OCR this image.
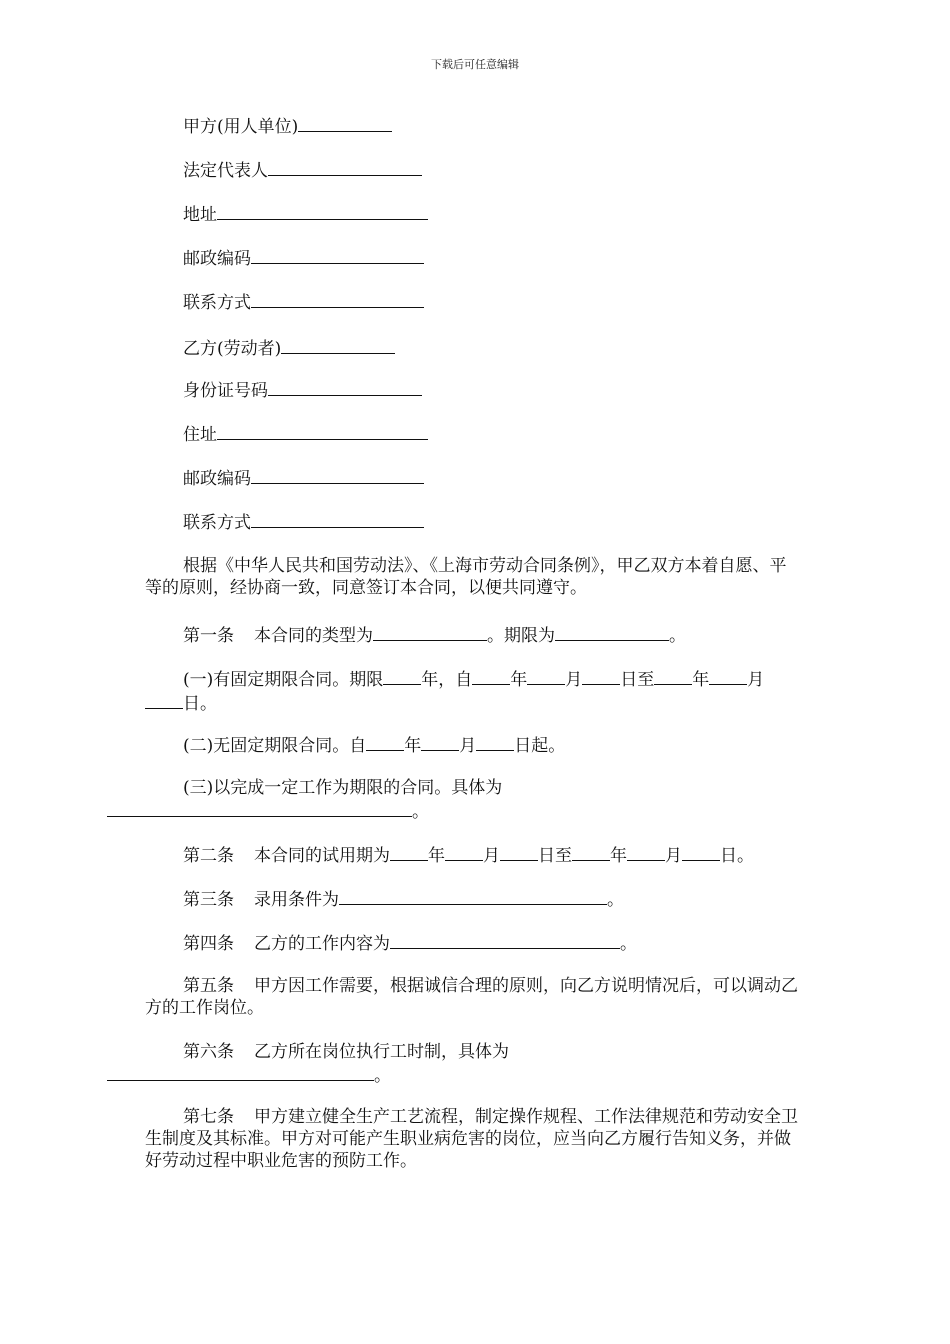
下载后可任意编辑
甲方(用人单位)
法定代表人
地址
邮政编码
联系方式
乙方(劳动者)
身份证号码
住址
邮政编码
联系方式
根据《中华人民共和国劳动法》、《上海市劳动合同条例》，甲乙双方本着自愿、平等的原则，经协商一致，同意签订本合同，以便共同遵守。
第一条 本合同的类型为	。期限为	。
(一)有固定期限合同。期限 年，自 年 月 日至 年 月日。
(二)无固定期限合同。自 年 月 日起。
(三)以完成一定工作为期限的合同。具体为
。
第二条 本合同的试用期为 年 月 日至 年 月 日。
第三条 录用条件为	。
第四条 乙方的工作内容为	。
第五条 甲方因工作需要，根据诚信合理的原则，向乙方说明情况后，可以调动乙方的工作岗位。
第六条 乙方所在岗位执行工时制，具体为
。
第七条 甲方建立健全生产工艺流程，制定操作规程、工作法律规范和劳动安全卫生制度及其标准。甲方对可能产生职业病危害的岗位，应当向乙方履行告知义务，并做好劳动过程中职业危害的预防工作。
